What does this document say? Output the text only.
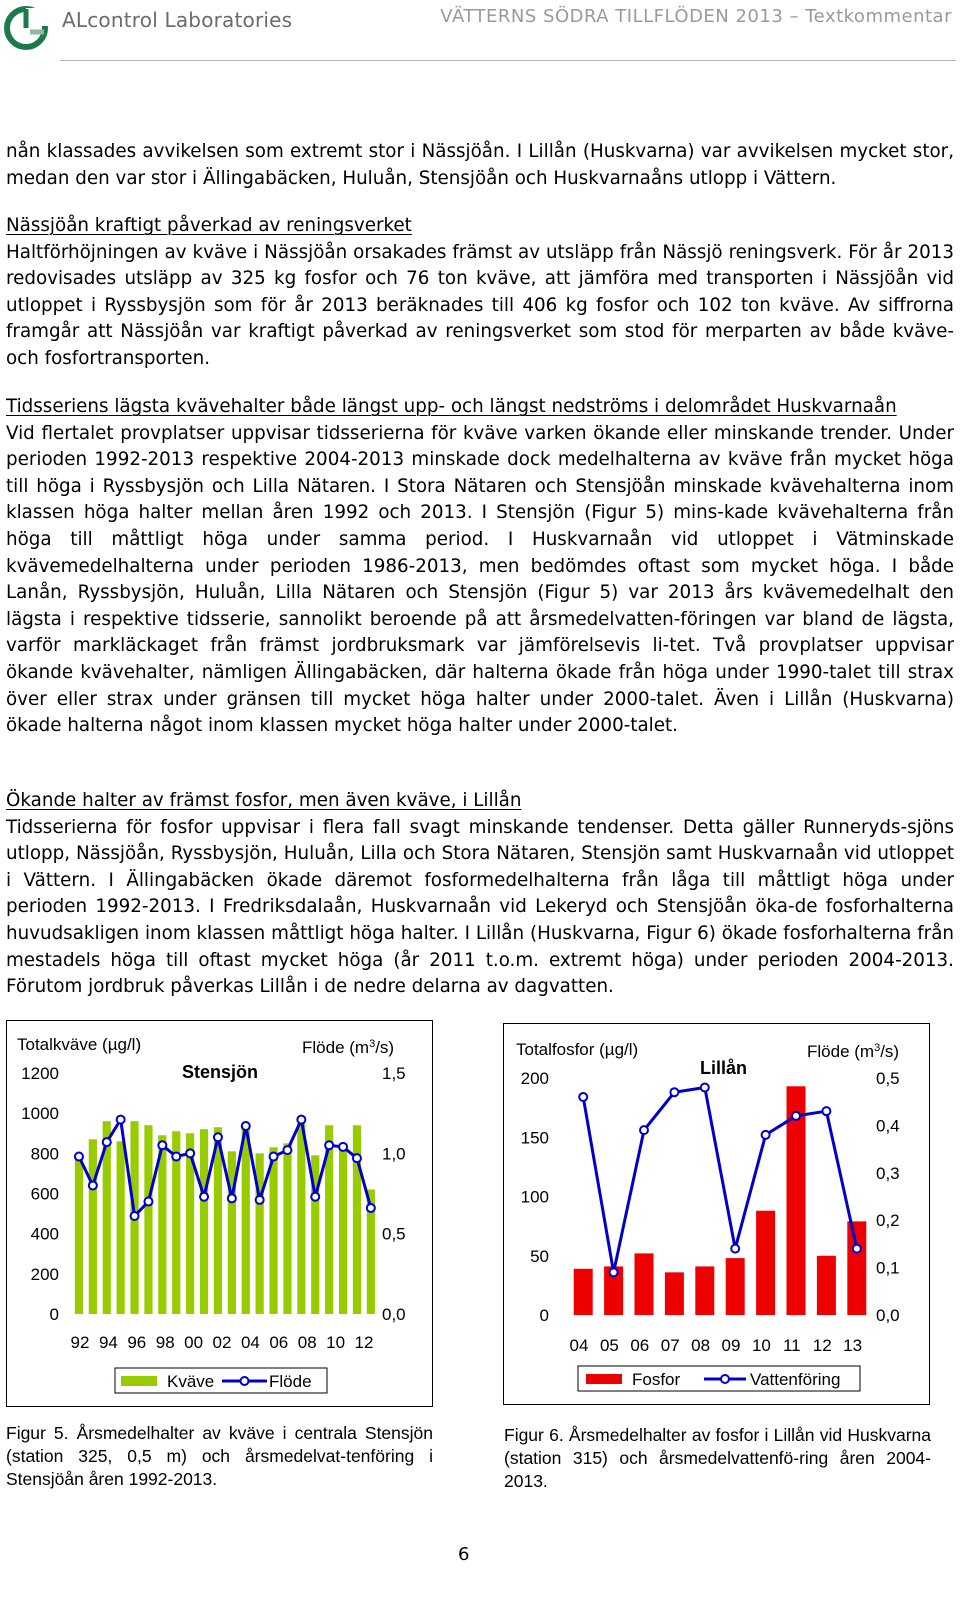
ALcontrol Laboratories	VÄTTERNS SÖDRA TILLFLÖDEN 2013 – Textkommentar

nån klassades avvikelsen som extremt stor i Nässjöån. I Lillån (Huskvarna) var avvikelsen mycket stor, medan den var stor i Ällingabäcken, Huluån, Stensjöån och Huskvarnaåns utlopp i Vättern.

Nässjöån kraftigt påverkad av reningsverket

Haltförhöjningen av kväve i Nässjöån orsakades främst av utsläpp från Nässjö reningsverk. För år 2013 redovisades utsläpp av 325 kg fosfor och 76 ton kväve, att jämföra med transporten i Nässjöån vid utloppet i Ryssbysjön som för år 2013 beräknades till 406 kg fosfor och 102 ton kväve. Av siffrorna framgår att Nässjöån var kraftigt påverkad av reningsverket som stod för merparten av både kväve- och fosfortransporten.

Tidsseriens lägsta kvävehalter både längst upp- och längst nedströms i delområdet Huskvarnaån

Vid flertalet provplatser uppvisar tidsserierna för kväve varken ökande eller minskande trender. Under perioden 1992-2013 respektive 2004-2013 minskade dock medelhalterna av kväve från mycket höga till höga i Ryssbysjön och Lilla Nätaren. I Stora Nätaren och Stensjöån minskade kvävehalterna inom klassen höga halter mellan åren 1992 och 2013. I Stensjön (Figur 5) mins-kade kvävehalterna från höga till måttligt höga under samma period. I Huskvarnaån vid utloppet i Vätminskade kvävemedelhalterna under perioden 1986-2013, men bedömdes oftast som mycket höga. I både Lanån, Ryssbysjön, Huluån, Lilla Nätaren och Stensjön (Figur 5) var 2013 års kvävemedelhalt den lägsta i respektive tidsserie, sannolikt beroende på att årsmedelvatten-föringen var bland de lägsta, varför markläckaget från främst jordbruksmark var jämförelsevis li-tet. Två provplatser uppvisar ökande kvävehalter, nämligen Ällingabäcken, där halterna ökade från höga under 1990-talet till strax över eller strax under gränsen till mycket höga halter under 2000-talet. Även i Lillån (Huskvarna) ökade halterna något inom klassen mycket höga halter under 2000-talet.

Ökande halter av främst fosfor, men även kväve, i Lillån

Tidsserierna för fosfor uppvisar i flera fall svagt minskande tendenser. Detta gäller Runneryds-sjöns utlopp, Nässjöån, Ryssbysjön, Huluån, Lilla och Stora Nätaren, Stensjön samt Huskvarnaån vid utloppet i Vättern. I Ällingabäcken ökade däremot fosformedelhalterna från låga till måttligt höga under perioden 1992-2013. I Fredriksdalaån, Huskvarnaån vid Lekeryd och Stensjöån öka-de fosforhalterna huvudsakligen inom klassen måttligt höga halter. I Lillån (Huskvarna, Figur 6) ökade fosforhalterna från mestadels höga till oftast mycket höga (år 2011 t.o.m. extremt höga) under perioden 2004-2013. Förutom jordbruk påverkas Lillån i de nedre delarna av dagvatten.

Totalkväve (µg/l)	Flöde $(m^3/s)$
Stensjön
0
200
400
600
800
1000
1200
0,0
0,5
1,0
1,5
92 94 96 98 00 02 04 06 08 10 12
Kväve	Flöde
Totalfosfor (µg/l)	Flöde $(m^3/s)$
Lillån
0
50
100
150
200
0,0
0,1
0,2
0,3
0,4
0,5
04 05 06 07 08 09 10 11 12 13
Fosfor	Vattenföring
Figur 5. Årsmedelhalter av kväve i centrala Stensjön (station 325, 0,5 m) och årsmedelvat-tenföring i Stensjöån åren 1992-2013.
Figur 6. Årsmedelhalter av fosfor i Lillån vid Huskvarna (station 315) och årsmedelvattenfö-ring åren 2004-2013.
6
